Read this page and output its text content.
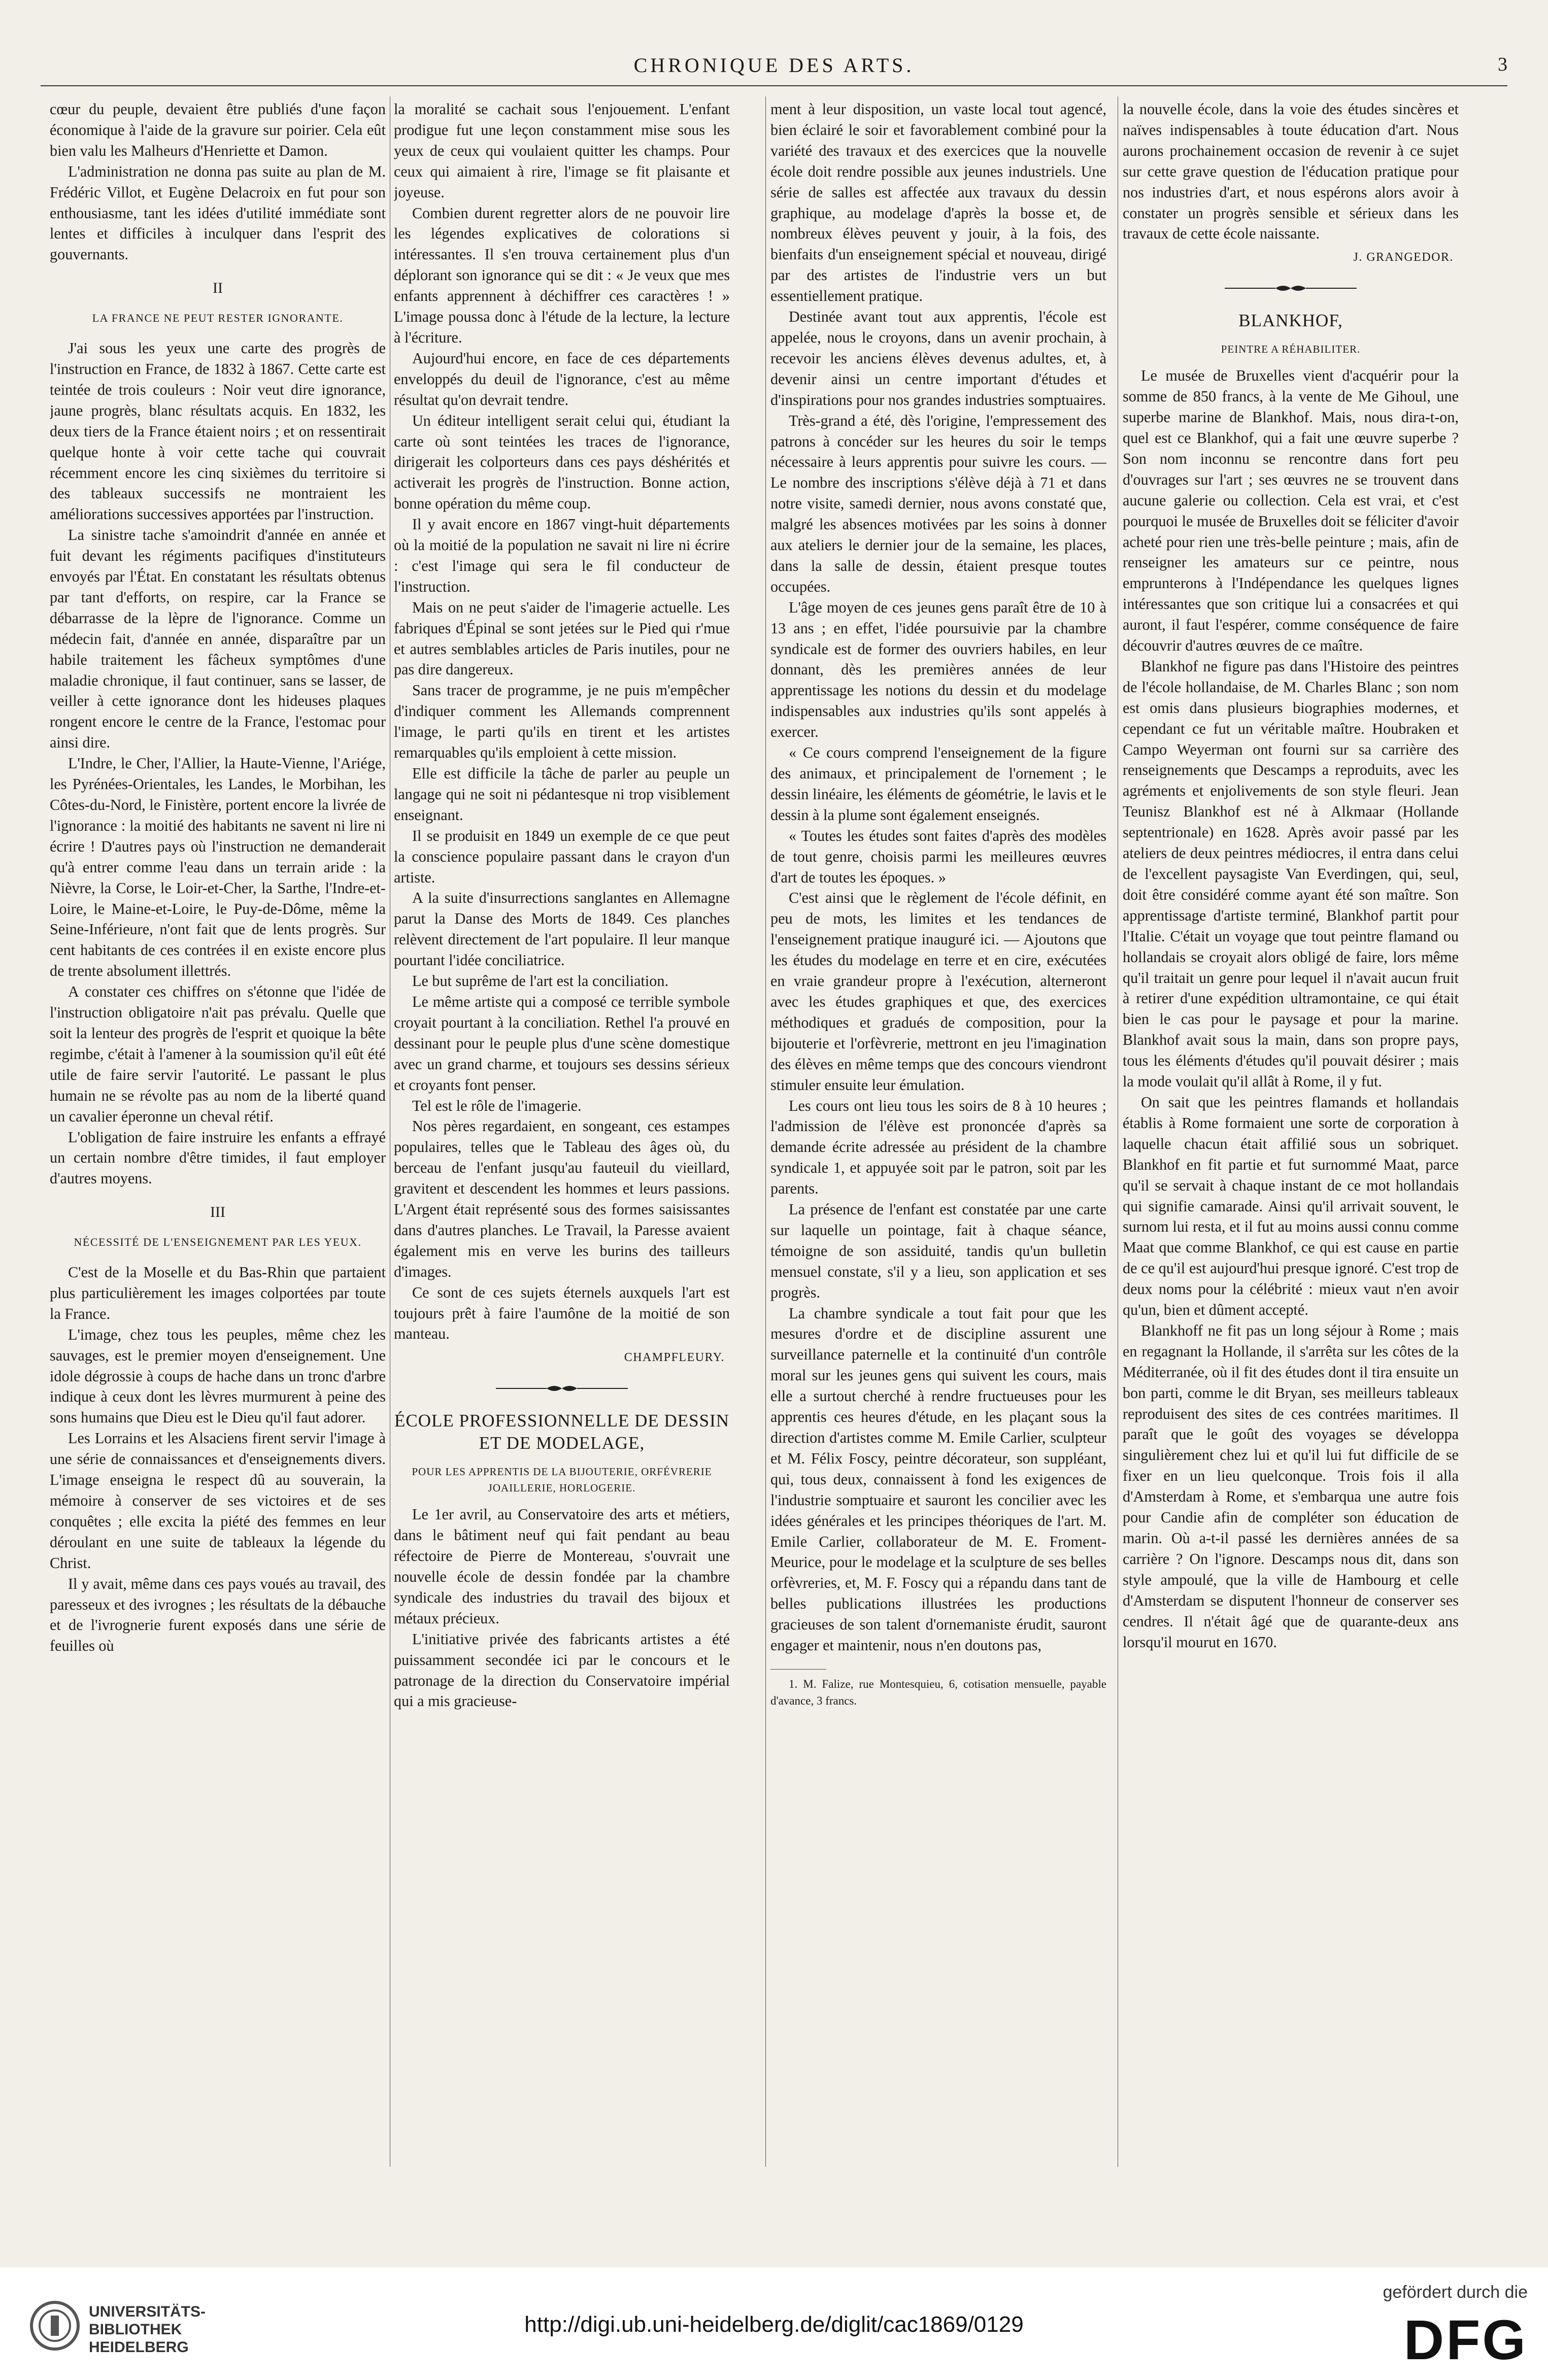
CHRONIQUE DES ARTS.	3

cœur du peuple, devaient être publiés d'une façon économique à l'aide de la gravure sur poirier. Cela eût bien valu les Malheurs d'Henriette et Damon.

L'administration ne donna pas suite au plan de M. Frédéric Villot, et Eugène Delacroix en fut pour son enthousiasme, tant les idées d'utilité immédiate sont lentes et difficiles à inculquer dans l'esprit des gouvernants.

II
LA FRANCE NE PEUT RESTER IGNORANTE.

J'ai sous les yeux une carte des progrès de l'instruction en France, de 1832 à 1867. Cette carte est teintée de trois couleurs : Noir veut dire ignorance, jaune progrès, blanc résultats acquis. En 1832, les deux tiers de la France étaient noirs ; et on ressentirait quelque honte à voir cette tache qui couvrait récemment encore les cinq sixièmes du territoire si des tableaux successifs ne montraient les améliorations successives apportées par l'instruction.

La sinistre tache s'amoindrit d'année en année et fuit devant les régiments pacifiques d'instituteurs envoyés par l'État. En constatant les résultats obtenus par tant d'efforts, on respire, car la France se débarrasse de la lèpre de l'ignorance. Comme un médecin fait, d'année en année, disparaître par un habile traitement les fâcheux symptômes d'une maladie chronique, il faut continuer, sans se lasser, de veiller à cette ignorance dont les hideuses plaques rongent encore le centre de la France, l'estomac pour ainsi dire.

L'Indre, le Cher, l'Allier, la Haute-Vienne, l'Ariége, les Pyrénées-Orientales, les Landes, le Morbihan, les Côtes-du-Nord, le Finistère, portent encore la livrée de l'ignorance : la moitié des habitants ne savent ni lire ni écrire ! D'autres pays où l'instruction ne demanderait qu'à entrer comme l'eau dans un terrain aride : la Nièvre, la Corse, le Loir-et-Cher, la Sarthe, l'Indre-et-Loire, le Maine-et-Loire, le Puy-de-Dôme, même la Seine-Inférieure, n'ont fait que de lents progrès. Sur cent habitants de ces contrées il en existe encore plus de trente absolument illettrés.

A constater ces chiffres on s'étonne que l'idée de l'instruction obligatoire n'ait pas prévalu. Quelle que soit la lenteur des progrès de l'esprit et quoique la bête regimbe, c'était à l'amener à la soumission qu'il eût été utile de faire servir l'autorité. Le passant le plus humain ne se révolte pas au nom de la liberté quand un cavalier éperonne un cheval rétif.

L'obligation de faire instruire les enfants a effrayé un certain nombre d'être timides, il faut employer d'autres moyens.

III
NÉCESSITÉ DE L'ENSEIGNEMENT PAR LES YEUX.

C'est de la Moselle et du Bas-Rhin que partaient plus particulièrement les images colportées par toute la France.

L'image, chez tous les peuples, même chez les sauvages, est le premier moyen d'enseignement. Une idole dégrossie à coups de hache dans un tronc d'arbre indique à ceux dont les lèvres murmurent à peine des sons humains que Dieu est le Dieu qu'il faut adorer.

Les Lorrains et les Alsaciens firent servir l'image à une série de connaissances et d'enseignements divers. L'image enseigna le respect dû au souverain, la mémoire à conserver de ses victoires et de ses conquêtes ; elle excita la piété des femmes en leur déroulant en une suite de tableaux la légende du Christ.

Il y avait, même dans ces pays voués au travail, des paresseux et des ivrognes ; les résultats de la débauche et de l'ivrognerie furent exposés dans une série de feuilles où

la moralité se cachait sous l'enjouement. L'enfant prodigue fut une leçon constamment mise sous les yeux de ceux qui voulaient quitter les champs. Pour ceux qui aimaient à rire, l'image se fit plaisante et joyeuse.

Combien durent regretter alors de ne pouvoir lire les légendes explicatives de colorations si intéressantes. Il s'en trouva certainement plus d'un déplorant son ignorance qui se dit : « Je veux que mes enfants apprennent à déchiffrer ces caractères ! » L'image poussa donc à l'étude de la lecture, la lecture à l'écriture.

Aujourd'hui encore, en face de ces départements enveloppés du deuil de l'ignorance, c'est au même résultat qu'on devrait tendre.

Un éditeur intelligent serait celui qui, étudiant la carte où sont teintées les traces de l'ignorance, dirigerait les colporteurs dans ces pays déshérités et activerait les progrès de l'instruction. Bonne action, bonne opération du même coup.

Il y avait encore en 1867 vingt-huit départements où la moitié de la population ne savait ni lire ni écrire : c'est l'image qui sera le fil conducteur de l'instruction.

Mais on ne peut s'aider de l'imagerie actuelle. Les fabriques d'Épinal se sont jetées sur le Pied qui r'mue et autres semblables articles de Paris inutiles, pour ne pas dire dangereux.

Sans tracer de programme, je ne puis m'empêcher d'indiquer comment les Allemands comprennent l'image, le parti qu'ils en tirent et les artistes remarquables qu'ils emploient à cette mission.

Elle est difficile la tâche de parler au peuple un langage qui ne soit ni pédantesque ni trop visiblement enseignant.

Il se produisit en 1849 un exemple de ce que peut la conscience populaire passant dans le crayon d'un artiste.

A la suite d'insurrections sanglantes en Allemagne parut la Danse des Morts de 1849. Ces planches relèvent directement de l'art populaire. Il leur manque pourtant l'idée conciliatrice.

Le but suprême de l'art est la conciliation.

Le même artiste qui a composé ce terrible symbole croyait pourtant à la conciliation. Rethel l'a prouvé en dessinant pour le peuple plus d'une scène domestique avec un grand charme, et toujours ses dessins sérieux et croyants font penser.

Tel est le rôle de l'imagerie.

Nos pères regardaient, en songeant, ces estampes populaires, telles que le Tableau des âges où, du berceau de l'enfant jusqu'au fauteuil du vieillard, gravitent et descendent les hommes et leurs passions. L'Argent était représenté sous des formes saisissantes dans d'autres planches. Le Travail, la Paresse avaient également mis en verve les burins des tailleurs d'images.

Ce sont de ces sujets éternels auxquels l'art est toujours prêt à faire l'aumône de la moitié de son manteau.

CHAMPFLEURY.
ÉCOLE PROFESSIONNELLE DE DESSIN ET DE MODELAGE,
POUR LES APPRENTIS DE LA BIJOUTERIE, ORFÉVRERIE JOAILLERIE, HORLOGERIE.

Le 1er avril, au Conservatoire des arts et métiers, dans le bâtiment neuf qui fait pendant au beau réfectoire de Pierre de Montereau, s'ouvrait une nouvelle école de dessin fondée par la chambre syndicale des industries du travail des bijoux et métaux précieux.

L'initiative privée des fabricants artistes a été puissamment secondée ici par le concours et le patronage de la direction du Conservatoire impérial qui a mis gracieuse-

ment à leur disposition, un vaste local tout agencé, bien éclairé le soir et favorablement combiné pour la variété des travaux et des exercices que la nouvelle école doit rendre possible aux jeunes industriels. Une série de salles est affectée aux travaux du dessin graphique, au modelage d'après la bosse et, de nombreux élèves peuvent y jouir, à la fois, des bienfaits d'un enseignement spécial et nouveau, dirigé par des artistes de l'industrie vers un but essentiellement pratique.

Destinée avant tout aux apprentis, l'école est appelée, nous le croyons, dans un avenir prochain, à recevoir les anciens élèves devenus adultes, et, à devenir ainsi un centre important d'études et d'inspirations pour nos grandes industries somptuaires.

Très-grand a été, dès l'origine, l'empressement des patrons à concéder sur les heures du soir le temps nécessaire à leurs apprentis pour suivre les cours. — Le nombre des inscriptions s'élève déjà à 71 et dans notre visite, samedi dernier, nous avons constaté que, malgré les absences motivées par les soins à donner aux ateliers le dernier jour de la semaine, les places, dans la salle de dessin, étaient presque toutes occupées.

L'âge moyen de ces jeunes gens paraît être de 10 à 13 ans ; en effet, l'idée poursuivie par la chambre syndicale est de former des ouvriers habiles, en leur donnant, dès les premières années de leur apprentissage les notions du dessin et du modelage indispensables aux industries qu'ils sont appelés à exercer.

« Ce cours comprend l'enseignement de la figure des animaux, et principalement de l'ornement ; le dessin linéaire, les éléments de géométrie, le lavis et le dessin à la plume sont également enseignés.

« Toutes les études sont faites d'après des modèles de tout genre, choisis parmi les meilleures œuvres d'art de toutes les époques. »

C'est ainsi que le règlement de l'école définit, en peu de mots, les limites et les tendances de l'enseignement pratique inauguré ici. — Ajoutons que les études du modelage en terre et en cire, exécutées en vraie grandeur propre à l'exécution, alterneront avec les études graphiques et que, des exercices méthodiques et gradués de composition, pour la bijouterie et l'orfèvrerie, mettront en jeu l'imagination des élèves en même temps que des concours viendront stimuler ensuite leur émulation.

Les cours ont lieu tous les soirs de 8 à 10 heures ; l'admission de l'élève est prononcée d'après sa demande écrite adressée au président de la chambre syndicale 1, et appuyée soit par le patron, soit par les parents.

La présence de l'enfant est constatée par une carte sur laquelle un pointage, fait à chaque séance, témoigne de son assiduité, tandis qu'un bulletin mensuel constate, s'il y a lieu, son application et ses progrès.

La chambre syndicale a tout fait pour que les mesures d'ordre et de discipline assurent une surveillance paternelle et la continuité d'un contrôle moral sur les jeunes gens qui suivent les cours, mais elle a surtout cherché à rendre fructueuses pour les apprentis ces heures d'étude, en les plaçant sous la direction d'artistes comme M. Emile Carlier, sculpteur et M. Félix Foscy, peintre décorateur, son suppléant, qui, tous deux, connaissent à fond les exigences de l'industrie somptuaire et sauront les concilier avec les idées générales et les principes théoriques de l'art. M. Emile Carlier, collaborateur de M. E. Froment-Meurice, pour le modelage et la sculpture de ses belles orfèvreries, et, M. F. Foscy qui a répandu dans tant de belles publications illustrées les productions gracieuses de son talent d'ornemaniste érudit, sauront engager et maintenir, nous n'en doutons pas,

1. M. Falize, rue Montesquieu, 6, cotisation mensuelle, payable d'avance, 3 francs.

la nouvelle école, dans la voie des études sincères et naïves indispensables à toute éducation d'art. Nous aurons prochainement occasion de revenir à ce sujet sur cette grave question de l'éducation pratique pour nos industries d'art, et nous espérons alors avoir à constater un progrès sensible et sérieux dans les travaux de cette école naissante.

J. GRANGEDOR.
BLANKHOF,
PEINTRE A RÉHABILITER.

Le musée de Bruxelles vient d'acquérir pour la somme de 850 francs, à la vente de Me Gihoul, une superbe marine de Blankhof. Mais, nous dira-t-on, quel est ce Blankhof, qui a fait une œuvre superbe ? Son nom inconnu se rencontre dans fort peu d'ouvrages sur l'art ; ses œuvres ne se trouvent dans aucune galerie ou collection. Cela est vrai, et c'est pourquoi le musée de Bruxelles doit se féliciter d'avoir acheté pour rien une très-belle peinture ; mais, afin de renseigner les amateurs sur ce peintre, nous emprunterons à l'Indépendance les quelques lignes intéressantes que son critique lui a consacrées et qui auront, il faut l'espérer, comme conséquence de faire découvrir d'autres œuvres de ce maître.

Blankhof ne figure pas dans l'Histoire des peintres de l'école hollandaise, de M. Charles Blanc ; son nom est omis dans plusieurs biographies modernes, et cependant ce fut un véritable maître. Houbraken et Campo Weyerman ont fourni sur sa carrière des renseignements que Descamps a reproduits, avec les agréments et enjolivements de son style fleuri. Jean Teunisz Blankhof est né à Alkmaar (Hollande septentrionale) en 1628. Après avoir passé par les ateliers de deux peintres médiocres, il entra dans celui de l'excellent paysagiste Van Everdingen, qui, seul, doit être considéré comme ayant été son maître. Son apprentissage d'artiste terminé, Blankhof partit pour l'Italie. C'était un voyage que tout peintre flamand ou hollandais se croyait alors obligé de faire, lors même qu'il traitait un genre pour lequel il n'avait aucun fruit à retirer d'une expédition ultramontaine, ce qui était bien le cas pour le paysage et pour la marine. Blankhof avait sous la main, dans son propre pays, tous les éléments d'études qu'il pouvait désirer ; mais la mode voulait qu'il allât à Rome, il y fut.

On sait que les peintres flamands et hollandais établis à Rome formaient une sorte de corporation à laquelle chacun était affilié sous un sobriquet. Blankhof en fit partie et fut surnommé Maat, parce qu'il se servait à chaque instant de ce mot hollandais qui signifie camarade. Ainsi qu'il arrivait souvent, le surnom lui resta, et il fut au moins aussi connu comme Maat que comme Blankhof, ce qui est cause en partie de ce qu'il est aujourd'hui presque ignoré. C'est trop de deux noms pour la célébrité : mieux vaut n'en avoir qu'un, bien et dûment accepté.

Blankhoff ne fit pas un long séjour à Rome ; mais en regagnant la Hollande, il s'arrêta sur les côtes de la Méditerranée, où il fit des études dont il tira ensuite un bon parti, comme le dit Bryan, ses meilleurs tableaux reproduisent des sites de ces contrées maritimes. Il paraît que le goût des voyages se développa singulièrement chez lui et qu'il lui fut difficile de se fixer en un lieu quelconque. Trois fois il alla d'Amsterdam à Rome, et s'embarqua une autre fois pour Candie afin de compléter son éducation de marin. Où a-t-il passé les dernières années de sa carrière ? On l'ignore. Descamps nous dit, dans son style ampoulé, que la ville de Hambourg et celle d'Amsterdam se disputent l'honneur de conserver ses cendres. Il n'était âgé que de quarante-deux ans lorsqu'il mourut en 1670.

UNIVERSITÄTS-
BIBLIOTHEK
HEIDELBERG
http://digi.ub.uni-heidelberg.de/diglit/cac1869/0129
gefördert durch die
DFG
